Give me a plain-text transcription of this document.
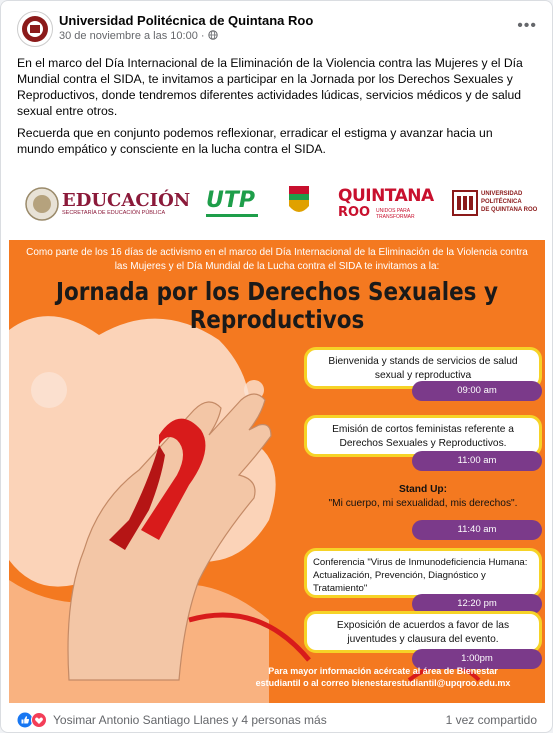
Universidad Politécnica de Quintana Roo
30 de noviembre a las 10:00 ·
•••

En el marco del Día Internacional de la Eliminación de la Violencia contra las Mujeres y el Día Mundial contra el SIDA, te invitamos a participar en la Jornada por los Derechos Sexuales y Reproductivos, donde tendremos diferentes actividades lúdicas, servicios médicos y de salud sexual entre otros.

Recuerda que en conjunto podemos reflexionar, erradicar el estigma y avanzar hacia un mundo empático y consciente en la lucha contra el SIDA.

EDUCACIÓN
SECRETARÍA DE EDUCACIÓN PÚBLICA UTP	QUINTANA
ROO UNIDOS PARA TRANSFORMAR
UNIVERSIDAD
POLITÉCNICA
DE QUINTANA ROO
Como parte de los 16 días de activismo en el marco del Día Internacional de la Eliminación de la Violencia contra las Mujeres y el Día Mundial de la Lucha contra el SIDA te invitamos a la:
Jornada por los Derechos Sexuales y
Reproductivos
Bienvenida y stands de servicios de salud sexual y reproductiva
09:00 am
Emisión de cortos feministas referente a Derechos Sexuales y Reproductivos.
11:00 am
Stand Up:
"Mi cuerpo, mi sexualidad, mis derechos".
11:40 am
Conferencia "Virus de Inmunodeficiencia Humana: Actualización, Prevención, Diagnóstico y Tratamiento"
12:20 pm
Exposición de acuerdos a favor de las juventudes y clausura del evento.
1:00pm
Para mayor información acércate al área de Bienestar
estudiantil o al correo bienestarestudiantil@upqroo.edu.mx
Yosimar Antonio Santiago Llanes y 4 personas más	1 vez compartido
